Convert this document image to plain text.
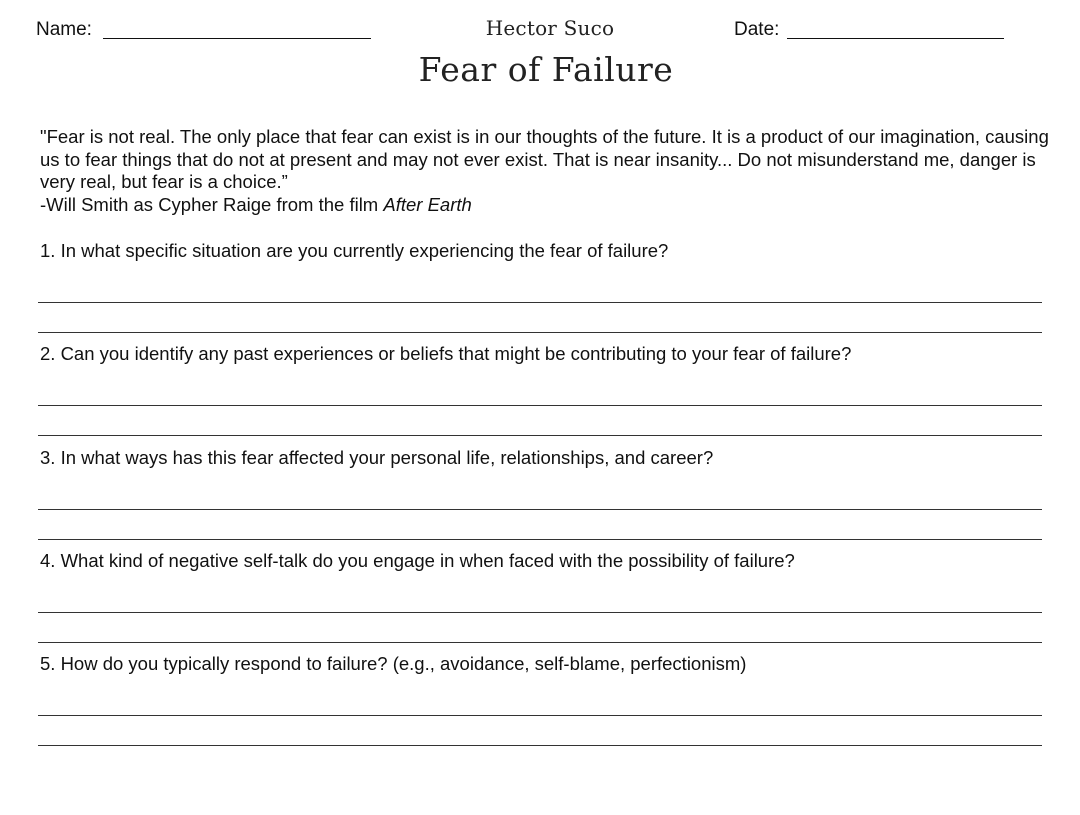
Name:	Hector Suco	Date:
Fear of Failure

"Fear is not real. The only place that fear can exist is in our thoughts of the future. It is a product of our imagination, causing us to fear things that do not at present and may not ever exist. That is near insanity... Do not misunderstand me, danger is very real, but fear is a choice.”

-Will Smith as Cypher Raige from the film After Earth

1. In what specific situation are you currently experiencing the fear of failure?

2. Can you identify any past experiences or beliefs that might be contributing to your fear of failure?

3. In what ways has this fear affected your personal life, relationships, and career?

4. What kind of negative self-talk do you engage in when faced with the possibility of failure?

5. How do you typically respond to failure? (e.g., avoidance, self-blame, perfectionism)
